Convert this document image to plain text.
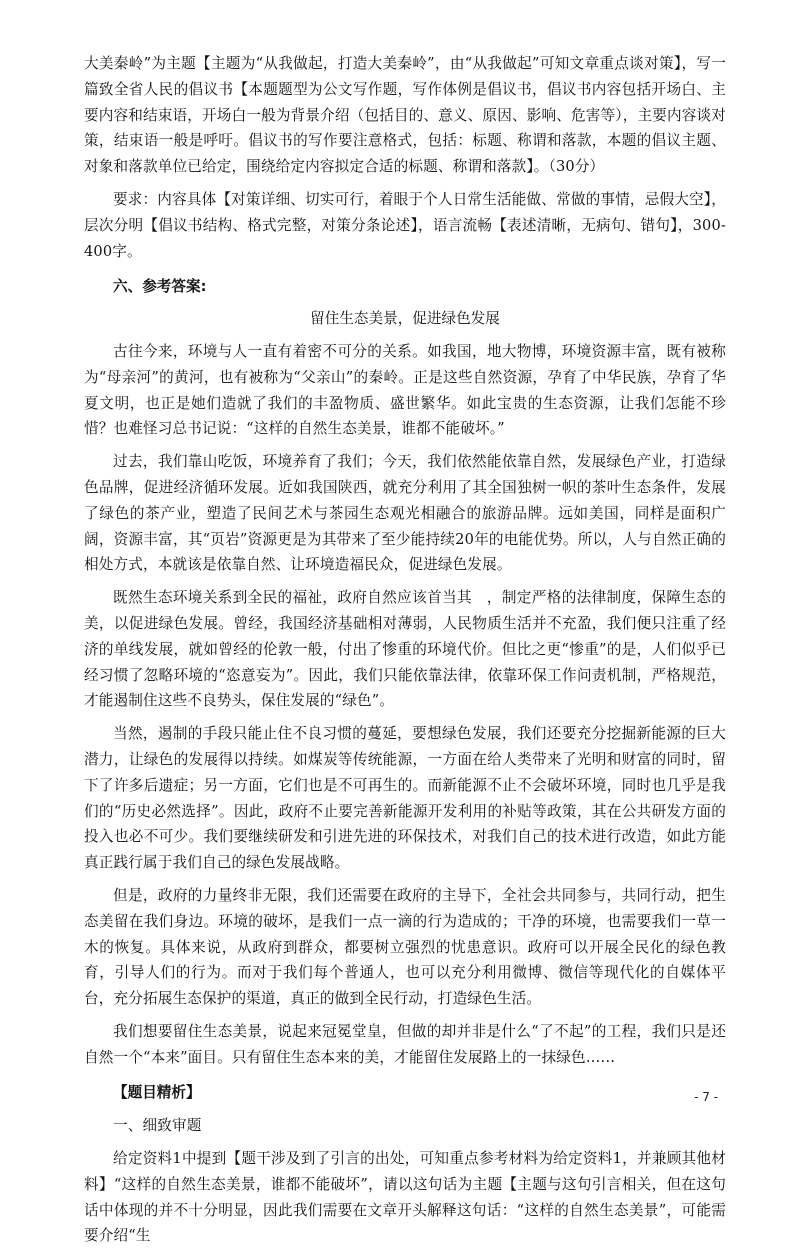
大美秦岭”为主题【主题为“从我做起，打造大美秦岭”，由“从我做起”可知文章重点谈对策】，写一篇致全省人民的倡议书【本题题型为公文写作题，写作体例是倡议书，倡议书内容包括开场白、主要内容和结束语，开场白一般为背景介绍（包括目的、意义、原因、影响、危害等），主要内容谈对策，结束语一般是呼吁。倡议书的写作要注意格式，包括：标题、称谓和落款，本题的倡议主题、对象和落款单位已给定，围绕给定内容拟定合适的标题、称谓和落款】。（30分）

要求：内容具体【对策详细、切实可行，着眼于个人日常生活能做、常做的事情，忌假大空】，层次分明【倡议书结构、格式完整，对策分条论述】，语言流畅【表述清晰，无病句、错句】，300-400字。

六、参考答案:

留住生态美景，促进绿色发展

古往今来，环境与人一直有着密不可分的关系。如我国，地大物博，环境资源丰富，既有被称为“母亲河”的黄河，也有被称为“父亲山”的秦岭。正是这些自然资源，孕育了中华民族，孕育了华夏文明，也正是她们造就了我们的丰盈物质、盛世繁华。如此宝贵的生态资源，让我们怎能不珍惜？也难怪习总书记说：“这样的自然生态美景，谁都不能破坏。”

过去，我们靠山吃饭，环境养育了我们；今天，我们依然能依靠自然，发展绿色产业，打造绿色品牌，促进经济循环发展。近如我国陕西，就充分利用了其全国独树一帜的茶叶生态条件，发展了绿色的茶产业，塑造了民间艺术与茶园生态观光相融合的旅游品牌。远如美国，同样是面积广阔，资源丰富，其“页岩”资源更是为其带来了至少能持续20年的电能优势。所以，人与自然正确的相处方式，本就该是依靠自然、让环境造福民众，促进绿色发展。

既然生态环境关系到全民的福祉，政府自然应该首当其　，制定严格的法律制度，保障生态的美，以促进绿色发展。曾经，我国经济基础相对薄弱，人民物质生活并不充盈，我们便只注重了经济的单线发展，就如曾经的伦敦一般，付出了惨重的环境代价。但比之更“惨重”的是，人们似乎已经习惯了忽略环境的“恣意妄为”。因此，我们只能依靠法律，依靠环保工作问责机制，严格规范，才能遏制住这些不良势头，保住发展的“绿色”。

当然，遏制的手段只能止住不良习惯的蔓延，要想绿色发展，我们还要充分挖掘新能源的巨大潜力，让绿色的发展得以持续。如煤炭等传统能源，一方面在给人类带来了光明和财富的同时，留下了许多后遗症；另一方面，它们也是不可再生的。而新能源不止不会破坏环境，同时也几乎是我们的“历史必然选择”。因此，政府不止要完善新能源开发利用的补贴等政策，其在公共研发方面的投入也必不可少。我们要继续研发和引进先进的环保技术，对我们自己的技术进行改造，如此方能真正践行属于我们自己的绿色发展战略。

但是，政府的力量终非无限，我们还需要在政府的主导下，全社会共同参与，共同行动，把生态美留在我们身边。环境的破坏，是我们一点一滴的行为造成的；干净的环境，也需要我们一草一木的恢复。具体来说，从政府到群众，都要树立强烈的忧患意识。政府可以开展全民化的绿色教育，引导人们的行为。而对于我们每个普通人，也可以充分利用微博、微信等现代化的自媒体平台，充分拓展生态保护的渠道，真正的做到全民行动，打造绿色生活。

我们想要留住生态美景，说起来冠冕堂皇，但做的却并非是什么“了不起”的工程，我们只是还自然一个“本来”面目。只有留住生态本来的美，才能留住发展路上的一抹绿色……

【题目精析】

一、细致审题

给定资料1中提到【题干涉及到了引言的出处，可知重点参考材料为给定资料1，并兼顾其他材料】“这样的自然生态美景，谁都不能破坏”，请以这句话为主题【主题与这句引言相关，但在这句话中体现的并不十分明显，因此我们需要在文章开头解释这句话：“这样的自然生态美景”，可能需要介绍“生

- 7 -
